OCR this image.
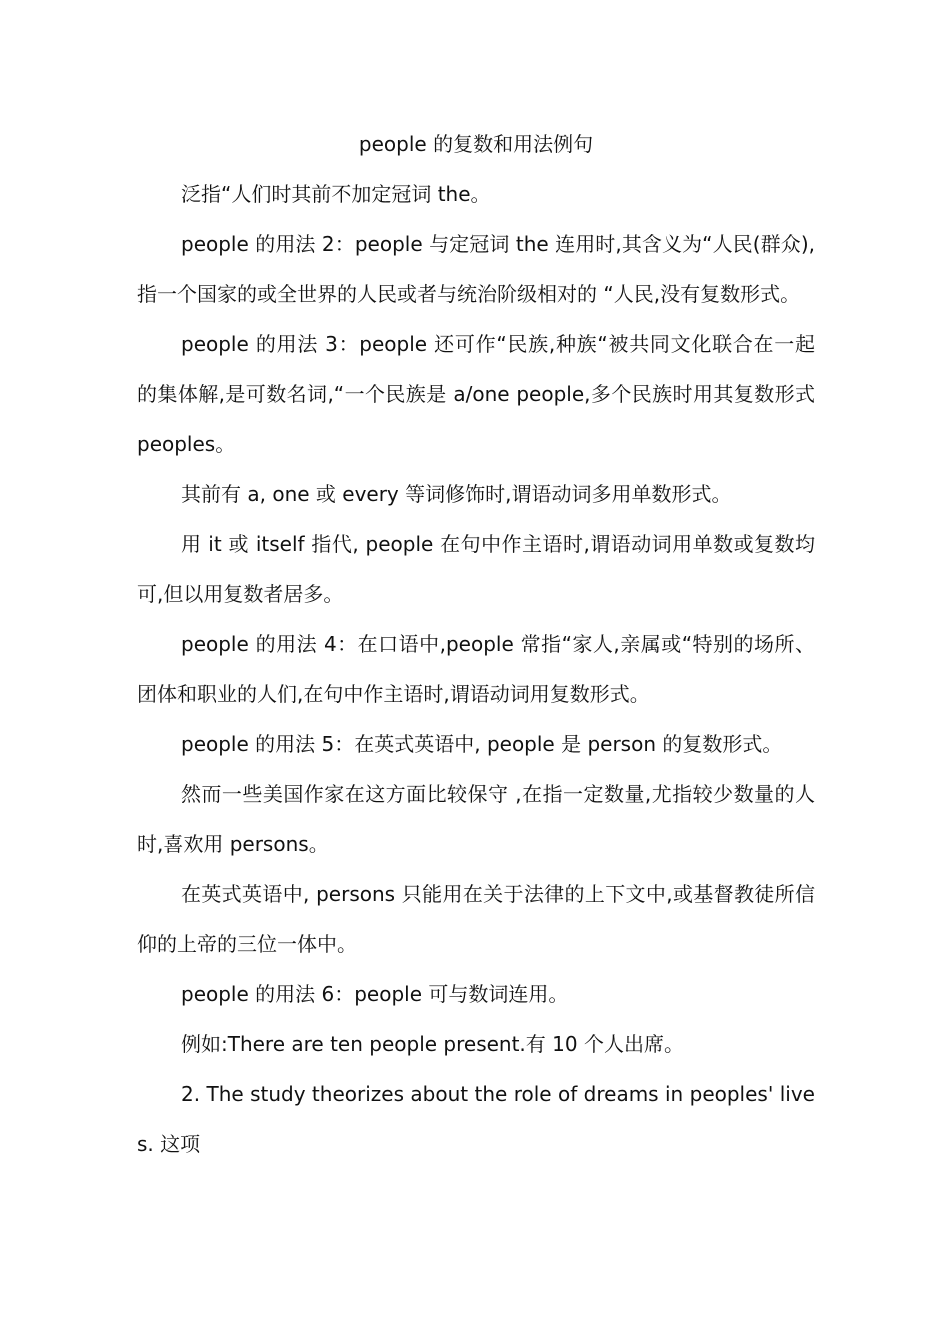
people 的复数和用法例句

泛指“人们时其前不加定冠词 the。

people 的用法 2：people 与定冠词 the 连用时,其含义为“人民(群众),指一个国家的或全世界的人民或者与统治阶级相对的 “人民,没有复数形式。

people 的用法 3：people 还可作“民族,种族“被共同文化联合在一起的集体解,是可数名词,“一个民族是 a/one people,多个民族时用其复数形式 peoples。

其前有 a, one 或 every 等词修饰时,谓语动词多用单数形式。

用 it 或 itself 指代, people 在句中作主语时,谓语动词用单数或复数均可,但以用复数者居多。

people 的用法 4：在口语中,people 常指“家人,亲属或“特别的场所、团体和职业的人们,在句中作主语时,谓语动词用复数形式。

people 的用法 5：在英式英语中, people 是 person 的复数形式。

然而一些美国作家在这方面比较保守 ,在指一定数量,尤指较少数量的人时,喜欢用 persons。

在英式英语中, persons 只能用在关于法律的上下文中,或基督教徒所信仰的上帝的三位一体中。

people 的用法 6：people 可与数词连用。

例如:There are ten people present.有 10 个人出席。

2. The study theorizes about the role of dreams in peoples' lives. 这项
